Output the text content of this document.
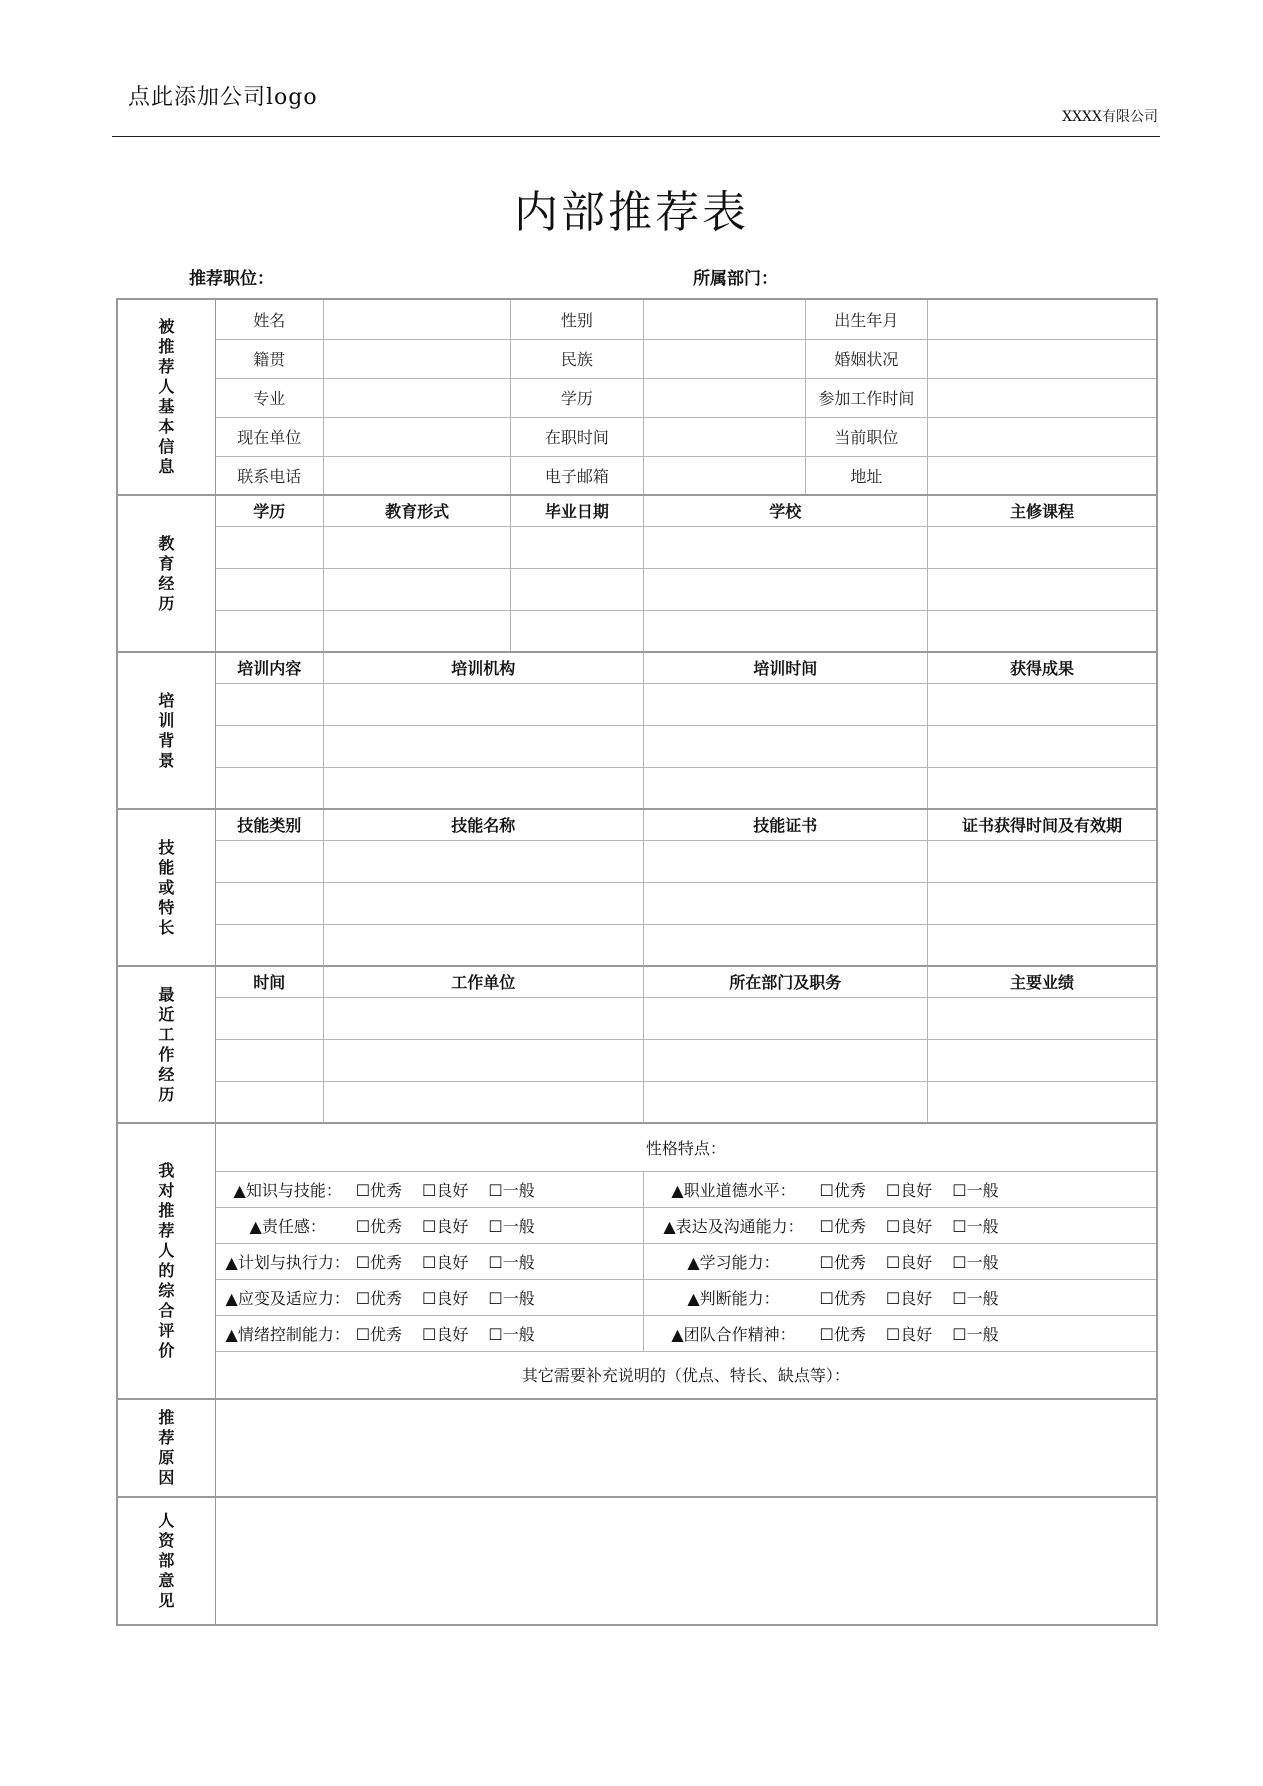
点此添加公司logo
XXXX有限公司
内部推荐表
推荐职位：	所属部门：
被推荐人基本信息	姓名		性别		出生年月	
	籍贯		民族		婚姻状况	
	专业		学历		参加工作时间	
	现在单位		在职时间		当前职位	
	联系电话		电子邮箱		地址	
教育经历	学历	教育形式	毕业日期	学校		主修课程

培训背景	培训内容	培训机构		培训时间		获得成果

技能或特长	技能类别	技能名称		技能证书		证书获得时间及有效期

最近工作经历	时间	工作单位		所在部门及职务		主要业绩

我对推荐人的综合评价	性格特点：					

	▲知识与技能： ☐优秀 ☐良好 ☐一般			▲职业道德水平： ☐优秀 ☐良好 ☐一般		

	▲责任感： ☐优秀 ☐良好 ☐一般			▲表达及沟通能力： ☐优秀 ☐良好 ☐一般		

	▲计划与执行力： ☐优秀 ☐良好 ☐一般			▲学习能力： ☐优秀 ☐良好 ☐一般		

	▲应变及适应力： ☐优秀 ☐良好 ☐一般			▲判断能力： ☐优秀 ☐良好 ☐一般		

	▲情绪控制能力： ☐优秀 ☐良好 ☐一般			▲团队合作精神： ☐优秀 ☐良好 ☐一般		

	其它需要补充说明的（优点、特长、缺点等）：					
推荐原因						
人资部意见						
